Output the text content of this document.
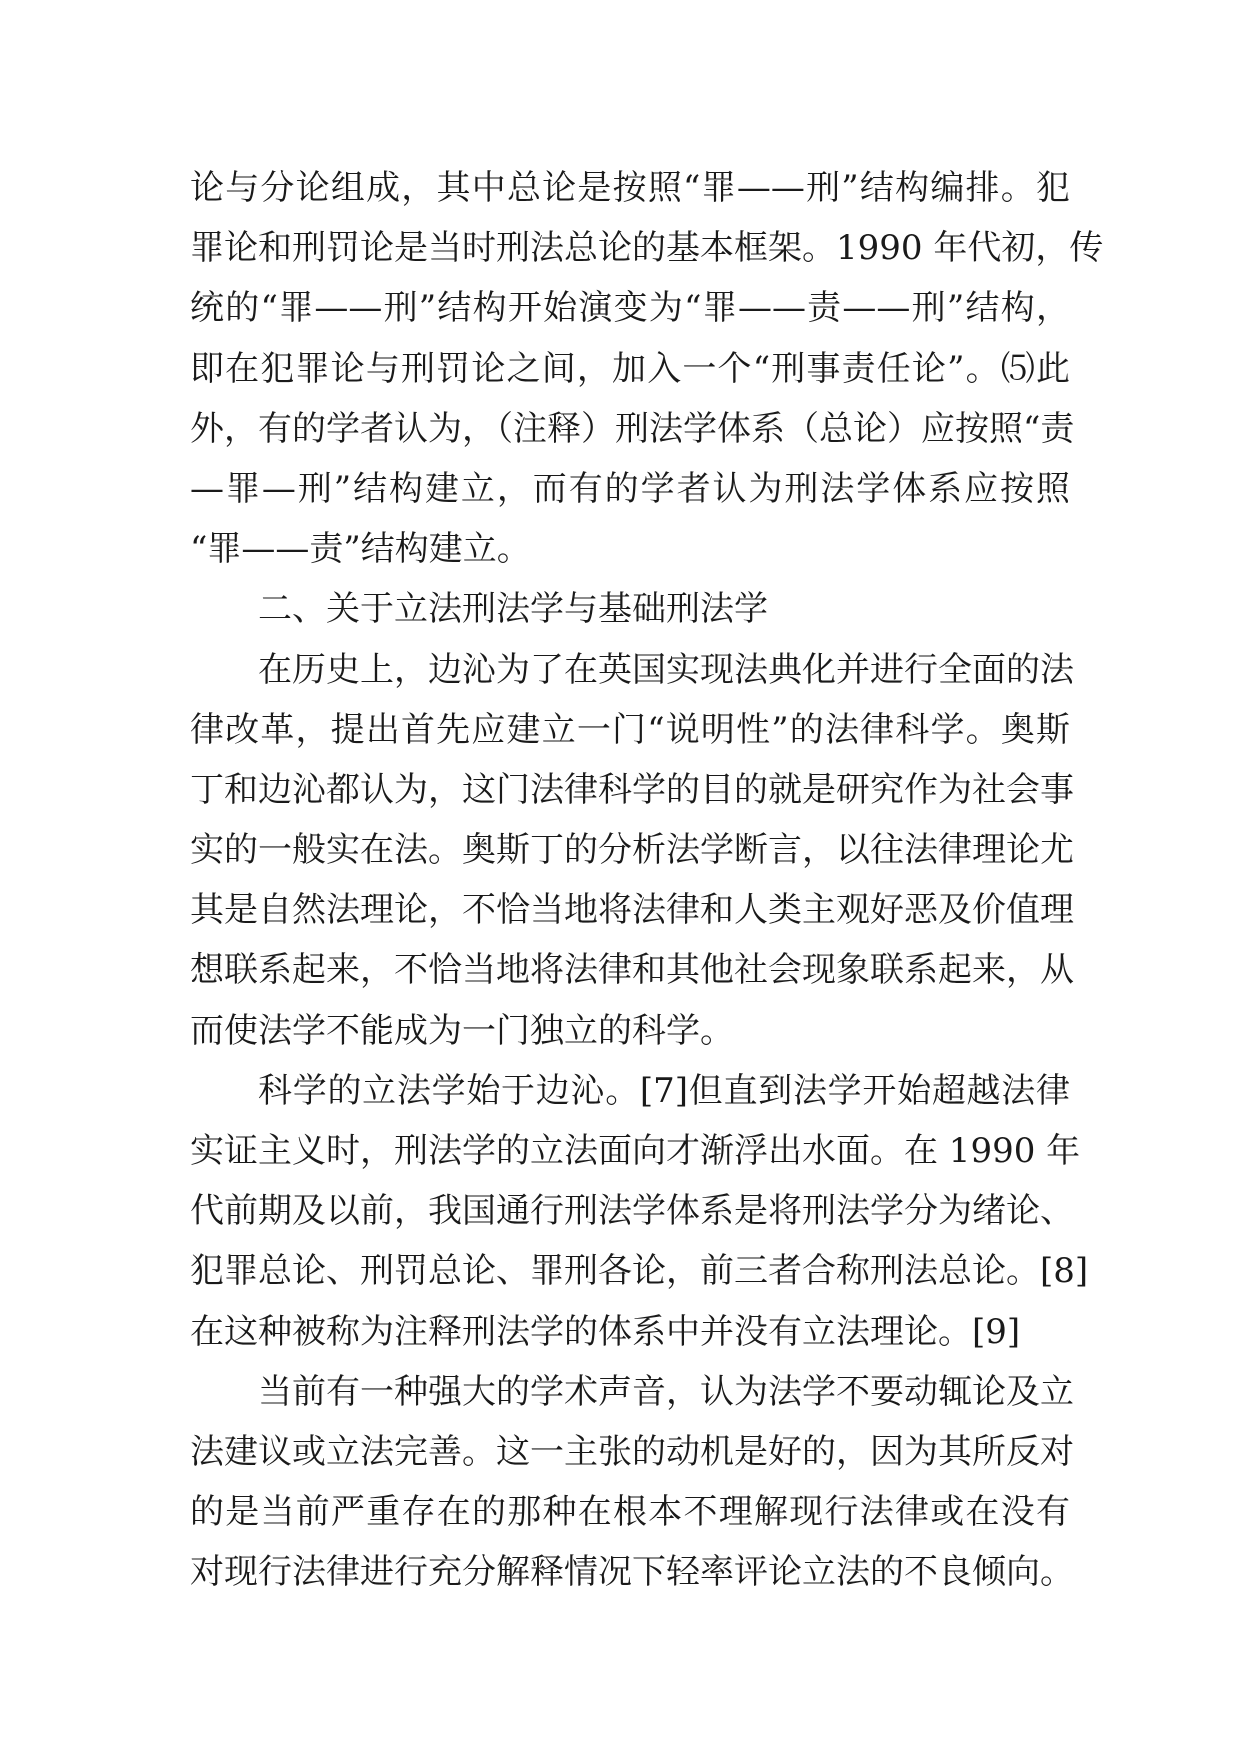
论与分论组成，其中总论是按照“罪——刑”结构编排。犯
罪论和刑罚论是当时刑法总论的基本框架。1990 年代初，传
统的“罪——刑”结构开始演变为“罪——责——刑”结构，
即在犯罪论与刑罚论之间，加入一个“刑事责任论”。⑸此
外，有的学者认为，（注释）刑法学体系（总论）应按照“责
—罪—刑”结构建立，而有的学者认为刑法学体系应按照
“罪——责”结构建立。
二、关于立法刑法学与基础刑法学
在历史上，边沁为了在英国实现法典化并进行全面的法
律改革，提出首先应建立一门“说明性”的法律科学。奥斯
丁和边沁都认为，这门法律科学的目的就是研究作为社会事
实的一般实在法。奥斯丁的分析法学断言，以往法律理论尤
其是自然法理论，不恰当地将法律和人类主观好恶及价值理
想联系起来，不恰当地将法律和其他社会现象联系起来，从
而使法学不能成为一门独立的科学。
科学的立法学始于边沁。[7]但直到法学开始超越法律
实证主义时，刑法学的立法面向才渐浮出水面。在 1990 年
代前期及以前，我国通行刑法学体系是将刑法学分为绪论、
犯罪总论、刑罚总论、罪刑各论，前三者合称刑法总论。[8]
在这种被称为注释刑法学的体系中并没有立法理论。[9]
当前有一种强大的学术声音，认为法学不要动辄论及立
法建议或立法完善。这一主张的动机是好的，因为其所反对
的是当前严重存在的那种在根本不理解现行法律或在没有
对现行法律进行充分解释情况下轻率评论立法的不良倾向。
